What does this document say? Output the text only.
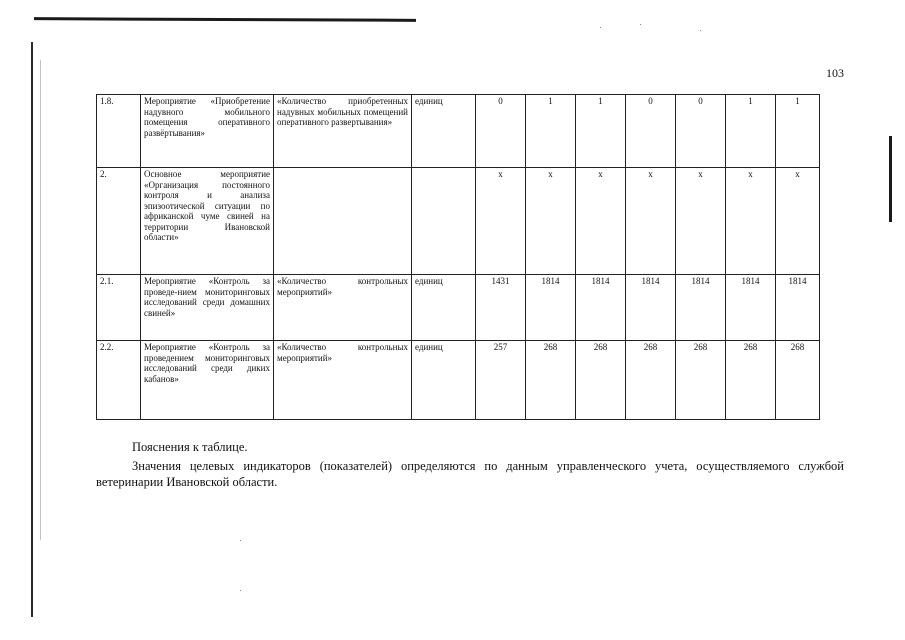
103
1.8.	Мероприятие «Приобретение надувного мобильного помещения оперативного развёртывания»	«Количество приобретенных надувных мобильных помещений оперативного развертывания»	единиц	0	1	1	0	0	1	1
2.	Основное мероприятие «Организация постоянного контроля и анализа эпизоотической ситуации по африканской чуме свиней на территории Ивановской области»			х	х	х	х	х	х	х
2.1.	Мероприятие «Контроль за проведе-нием мониторинговых исследований среди домашних свиней»	«Количество контрольных мероприятий»	единиц	1431	1814	1814	1814	1814	1814	1814
2.2.	Мероприятие «Контроль за проведением мониторинговых исследований среди диких кабанов»	«Количество контрольных мероприятий»	единиц	257	268	268	268	268	268	268

Пояснения к таблице.

Значения целевых индикаторов (показателей) определяются по данным управленческого учета, осуществляемого службой ветеринарии Ивановской области.
